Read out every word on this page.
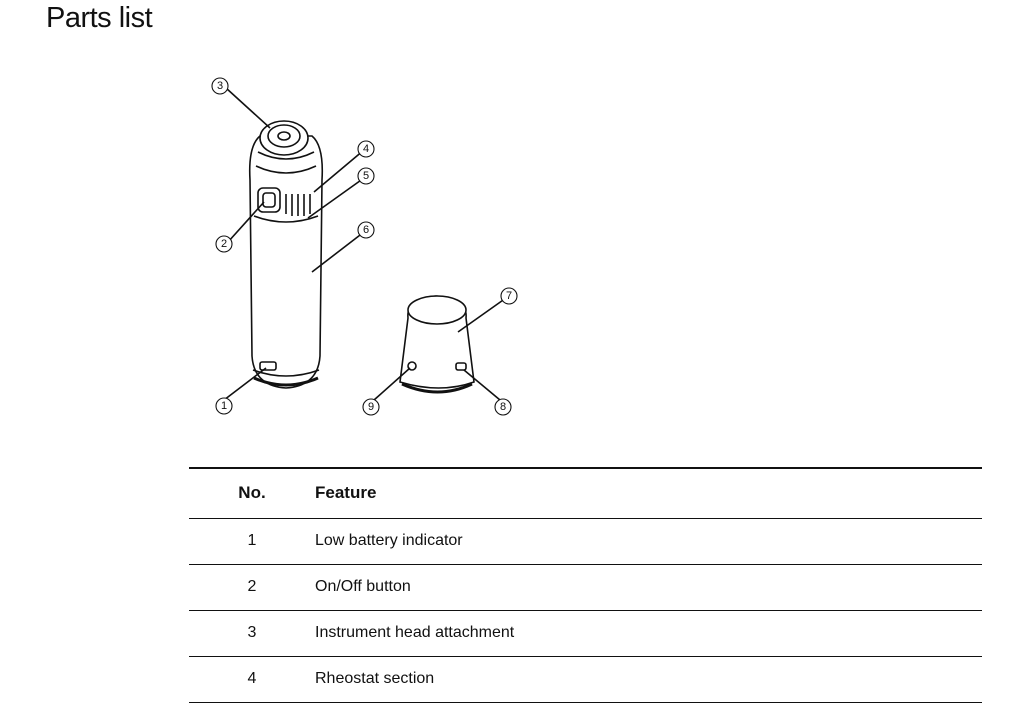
Parts list
1
2
3
4
5
6
7
8
9
No.	Feature
1	Low battery indicator
2	On/Off button
3	Instrument head attachment
4	Rheostat section
